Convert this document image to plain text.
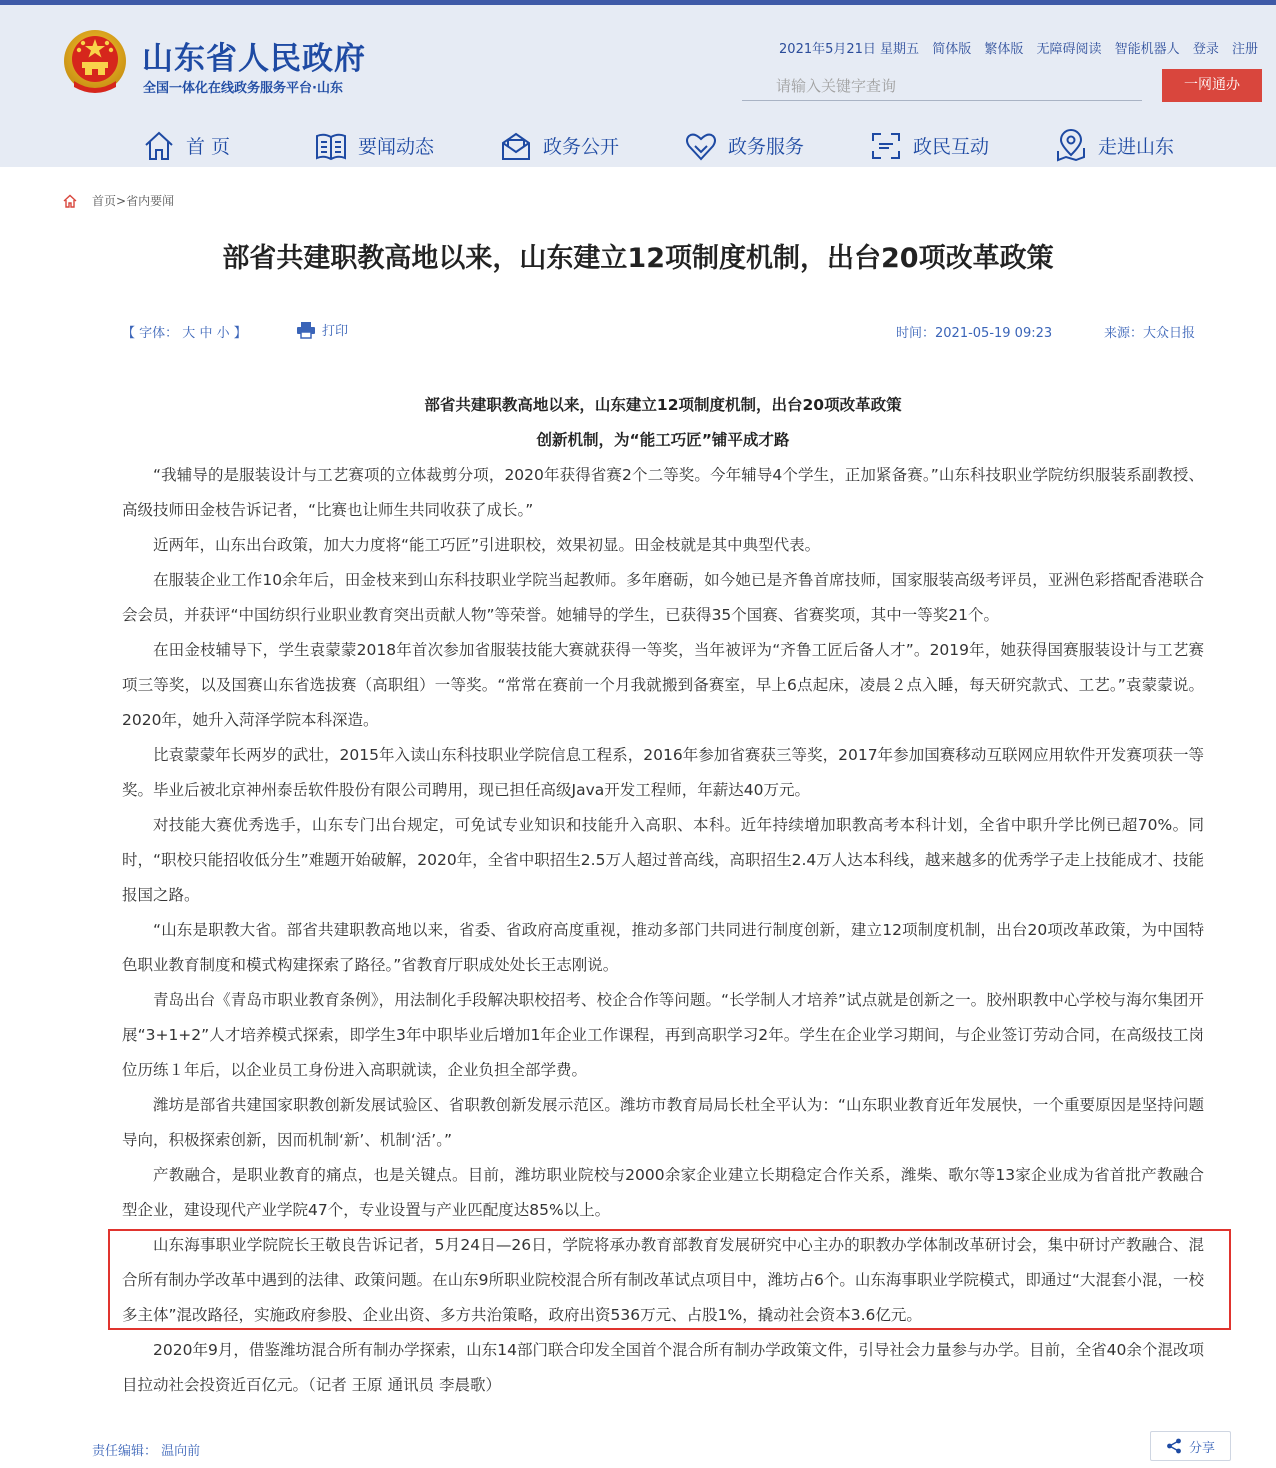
山东省人民政府
全国一体化在线政务服务平台·山东
2021年5月21日 星期五 简体版 繁体版 无障碍阅读 智能机器人 登录 注册
请输入关键字查询
一网通办
首 页	要闻动态	政务公开	政务服务	政民互动	走进山东
首页 > 省内要闻
部省共建职教高地以来，山东建立12项制度机制，出台20项改革政策
【 字体： 大 中 小 】	打印	时间：2021-05-19 09:23	来源：大众日报

部省共建职教高地以来，山东建立12项制度机制，出台20项改革政策

创新机制，为“能工巧匠”铺平成才路

“我辅导的是服装设计与工艺赛项的立体裁剪分项，2020年获得省赛2个二等奖。今年辅导4个学生，正加紧备赛。”山东科技职业学院纺织服装系副教授、高级技师田金枝告诉记者，“比赛也让师生共同收获了成长。”

近两年，山东出台政策，加大力度将“能工巧匠”引进职校，效果初显。田金枝就是其中典型代表。

在服装企业工作10余年后，田金枝来到山东科技职业学院当起教师。多年磨砺，如今她已是齐鲁首席技师，国家服装高级考评员，亚洲色彩搭配香港联合会会员，并获评“中国纺织行业职业教育突出贡献人物”等荣誉。她辅导的学生，已获得35个国赛、省赛奖项，其中一等奖21个。

在田金枝辅导下，学生袁蒙蒙2018年首次参加省服装技能大赛就获得一等奖，当年被评为“齐鲁工匠后备人才”。2019年，她获得国赛服装设计与工艺赛项三等奖，以及国赛山东省选拔赛（高职组）一等奖。“常常在赛前一个月我就搬到备赛室，早上6点起床，凌晨２点入睡，每天研究款式、工艺。”袁蒙蒙说。2020年，她升入菏泽学院本科深造。

比袁蒙蒙年长两岁的武壮，2015年入读山东科技职业学院信息工程系，2016年参加省赛获三等奖，2017年参加国赛移动互联网应用软件开发赛项获一等奖。毕业后被北京神州泰岳软件股份有限公司聘用，现已担任高级Java开发工程师，年薪达40万元。

对技能大赛优秀选手，山东专门出台规定，可免试专业知识和技能升入高职、本科。近年持续增加职教高考本科计划，全省中职升学比例已超70%。同时，“职校只能招收低分生”难题开始破解，2020年，全省中职招生2.5万人超过普高线，高职招生2.4万人达本科线，越来越多的优秀学子走上技能成才、技能报国之路。

“山东是职教大省。部省共建职教高地以来，省委、省政府高度重视，推动多部门共同进行制度创新，建立12项制度机制，出台20项改革政策，为中国特色职业教育制度和模式构建探索了路径。”省教育厅职成处处长王志刚说。

青岛出台《青岛市职业教育条例》，用法制化手段解决职校招考、校企合作等问题。“长学制人才培养”试点就是创新之一。胶州职教中心学校与海尔集团开展“3+1+2”人才培养模式探索，即学生3年中职毕业后增加1年企业工作课程，再到高职学习2年。学生在企业学习期间，与企业签订劳动合同，在高级技工岗位历练１年后，以企业员工身份进入高职就读，企业负担全部学费。

潍坊是部省共建国家职教创新发展试验区、省职教创新发展示范区。潍坊市教育局局长杜全平认为：“山东职业教育近年发展快，一个重要原因是坚持问题导向，积极探索创新，因而机制‘新’、机制‘活’。”

产教融合，是职业教育的痛点，也是关键点。目前，潍坊职业院校与2000余家企业建立长期稳定合作关系，潍柴、歌尔等13家企业成为省首批产教融合型企业，建设现代产业学院47个，专业设置与产业匹配度达85%以上。

山东海事职业学院院长王敬良告诉记者，5月24日—26日，学院将承办教育部教育发展研究中心主办的职教办学体制改革研讨会，集中研讨产教融合、混合所有制办学改革中遇到的法律、政策问题。在山东9所职业院校混合所有制改革试点项目中，潍坊占6个。山东海事职业学院模式，即通过“大混套小混，一校多主体”混改路径，实施政府参股、企业出资、多方共治策略，政府出资536万元、占股1%，撬动社会资本3.6亿元。

2020年9月，借鉴潍坊混合所有制办学探索，山东14部门联合印发全国首个混合所有制办学政策文件，引导社会力量参与办学。目前，全省40余个混改项目拉动社会投资近百亿元。（记者 王原 通讯员 李晨歌）

责任编辑： 温向前	分享
